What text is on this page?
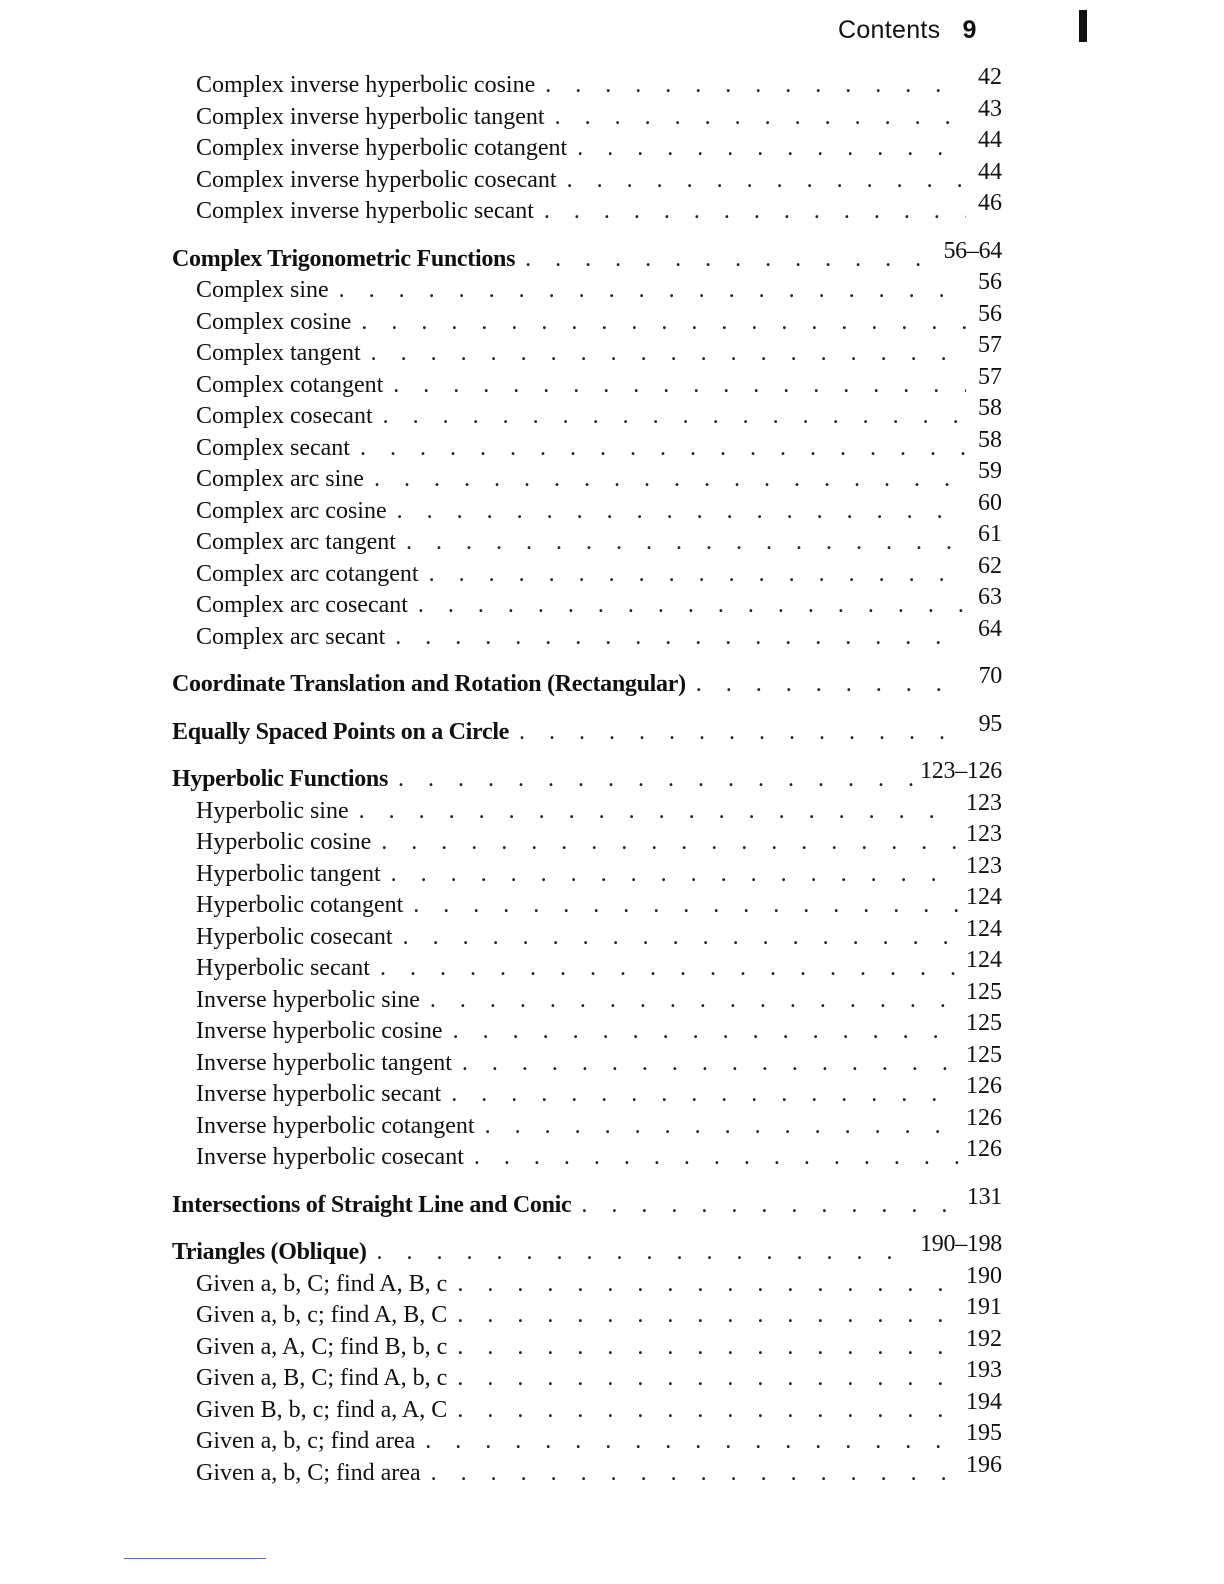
Contents 9
Complex inverse hyperbolic cosine . . .	42
Complex inverse hyperbolic tangent . . .	43
Complex inverse hyperbolic cotangent . . .	44
Complex inverse hyperbolic cosecant . . .	44
Complex inverse hyperbolic secant . . .	46
Complex Trigonometric Functions . . .	56–64
Complex sine . . .	56
Complex cosine . . .	56
Complex tangent . . .	57
Complex cotangent . . .	57
Complex cosecant . . .	58
Complex secant . . .	58
Complex arc sine . . .	59
Complex arc cosine . . .	60
Complex arc tangent . . .	61
Complex arc cotangent . . .	62
Complex arc cosecant . . .	63
Complex arc secant . . .	64
Coordinate Translation and Rotation (Rectangular) . . .	70
Equally Spaced Points on a Circle . . .	95
Hyperbolic Functions . . .	123–126
Hyperbolic sine . . .	123
Hyperbolic cosine . . .	123
Hyperbolic tangent . . .	123
Hyperbolic cotangent . . .	124
Hyperbolic cosecant . . .	124
Hyperbolic secant . . .	124
Inverse hyperbolic sine . . .	125
Inverse hyperbolic cosine . . .	125
Inverse hyperbolic tangent . . .	125
Inverse hyperbolic secant . . .	126
Inverse hyperbolic cotangent . . .	126
Inverse hyperbolic cosecant . . .	126
Intersections of Straight Line and Conic . . .	131
Triangles (Oblique) . . .	190–198
Given a, b, C; find A, B, c . . .	190
Given a, b, c; find A, B, C . . .	191
Given a, A, C; find B, b, c . . .	192
Given a, B, C; find A, b, c . . .	193
Given B, b, c; find a, A, C . . .	194
Given a, b, c; find area . . .	195
Given a, b, C; find area . . .	196
